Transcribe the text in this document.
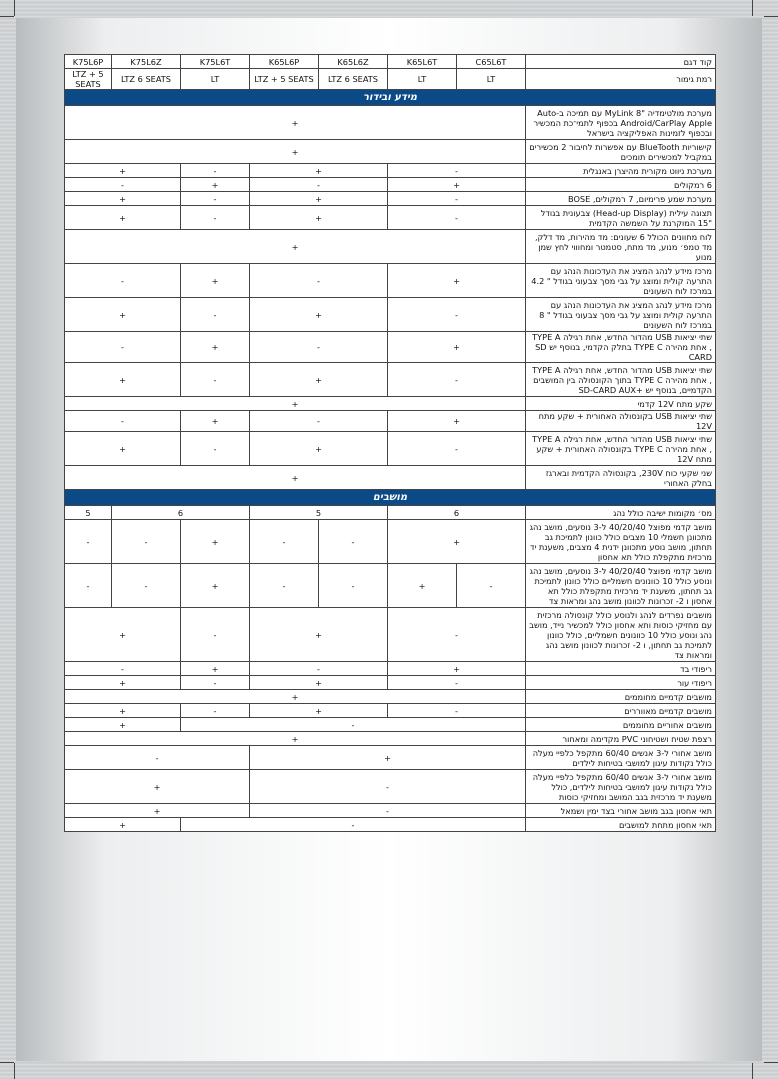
קוד דגם	C65L6T	K65L6T	K65L6Z	K65L6P	K75L6T	K75L6Z	K75L6P
רמת גימור	LT	LT	LTZ 6 SEATS	LTZ + 5 SEATS	LT	LTZ 6 SEATS	LTZ + 5 SEATS
מידע ובידור							
מערכת מולטימדיה "8 MyLink עם תמיכה ב-Auto Android/CarPlay Apple בכפוף לתמי־כת המכשיר ובכפוף לזמינות האפליקציה בישראל	+						
קישוריות BlueTooth עם אפשרות לחיבור 2 מכשירים במקביל למכשירים תומכים	+						
מערכת ניווט מקורית מהיצרן באנגלית	-		+		-	+	
6 רמקולים	+		-		+	-	
מערכת שמע פרימיום, 7 רמקולים, BOSE	-		+		-	+	
תצוגה עילית (Head-up Display) צבעונית בגודל "15 המוקרנת על השמשה הקדמית	-		+		-	+	
לוח מחוונים הכולל 6 שעונים: מד מהירות, מד דלק, מד טמפ׳ מנוע, מד מתח, סטמטר ומחוווי לחץ שמן מנוע	+						
מרכז מידע לנהג המציג את העדכונות הנהג עם התרעה קולית ומוצג על גבי מסך צבעוני בגודל " 4.2 במרכז לוח השעונים	+		-		+	-	
מרכז מידע לנהג המציג את העדכונות הנהג עם התרעה קולית ומוצג על גבי מסך צבעוני בגודל " 8 במרכז לוח השעונים	-		+		-	+	
שתי יציאות USB מהדור החדש, אחת רגילה TYPE A , אחת מהירה TYPE C בתלק הקדמי, בנוסף יש SD CARD	+		-		+	-	
שתי יציאות USB מהדור החדש, אחת רגילה TYPE A , אחת מהירה TYPE C בתוך הקונסולה בין המושבים הקדמיים, בנוסף יש +SD-CARD AUX	-		+		-	+	
שקע מתח 12V קדמי	+						
שתי יציאות USB בקונסולה האחורית + שקע מתח 12V	+		-		+	-	
שתי יציאות USB מהדור החדש, אחת רגילה TYPE A , אחת מהירה TYPE C בקונסולה האחורית + שקע מתח 12V	-		+		-	+	
שני שקעי כוח 230V, בקונסולה הקדמית ובארגז בחלק האחורי	+						
מושבים							
מס׳ מקומות ישיבה כולל נהג	6		5		6		5
מושב קדמי מפוצל 40/20/40 ל-3 נוסעים, מושב נהג מתכוונן חשמלי 10 מצבים כולל כוונון לתמיכת גב תחתון, מושב נוסע מתכוונן ידנית 4 מצבים, משענת יד מרכזית מתקפלת כולל תא אחסון	+		-	-	+	-	-
מושב קדמי מפוצל 40/20/40 ל-3 נוסעים, מושב נהג ונוסע כולל 10 כוונונים חשמליים כולל כוונון לתמיכת גב תחתון, משענת יד מרכזית מתקפלת כולל תא אחסון ו 2- זכרונות לכוונון מושב נהג ומראות צד	-	+	-	-	+	-	-
מושבים נפרדים לנהג ולנוסע כולל קונסולה מרכזית עם מחזיקי כוסות ותא אחסון כולל למכשיר נייד, מושב נהג ונוסע כולל 10 כוונונים חשמליים, כולל כוונון לתמיכת גב תחתון, ו 2- זכרונות לכוונון מושב נהג ומראות צד	-		+		-	+	
ריפודי בד	+		-		+	-	
ריפודי עור	-		+		-	+	
מושבים קדמיים מחוממים	+						
מושבים קדמיים מאווררים	-		+		-	+	
מושבים אחוריים מחוממים	-					+	
רצפת שטיח ושטיחוני PVC מקדימה ומאחור	+						
מושב אחורי ל-3 אנשים 60/40 מתקפל כלפיי מעלה כולל נקודות עיגון למושבי בטיחות לילדים	+				-		
מושב אחורי ל-3 אנשים 60/40 מתקפל כלפיי מעלה כולל נקודות עיגון למושבי בטיחות לילדים, כולל משענת יד מרכזית בגב המושב ומחזיקי כוסות	-				+		
תאי אחסון בגב מושב אחורי בצד ימין ושמאל	-				+		
תאי אחסון מתחת למושבים	-					+	
